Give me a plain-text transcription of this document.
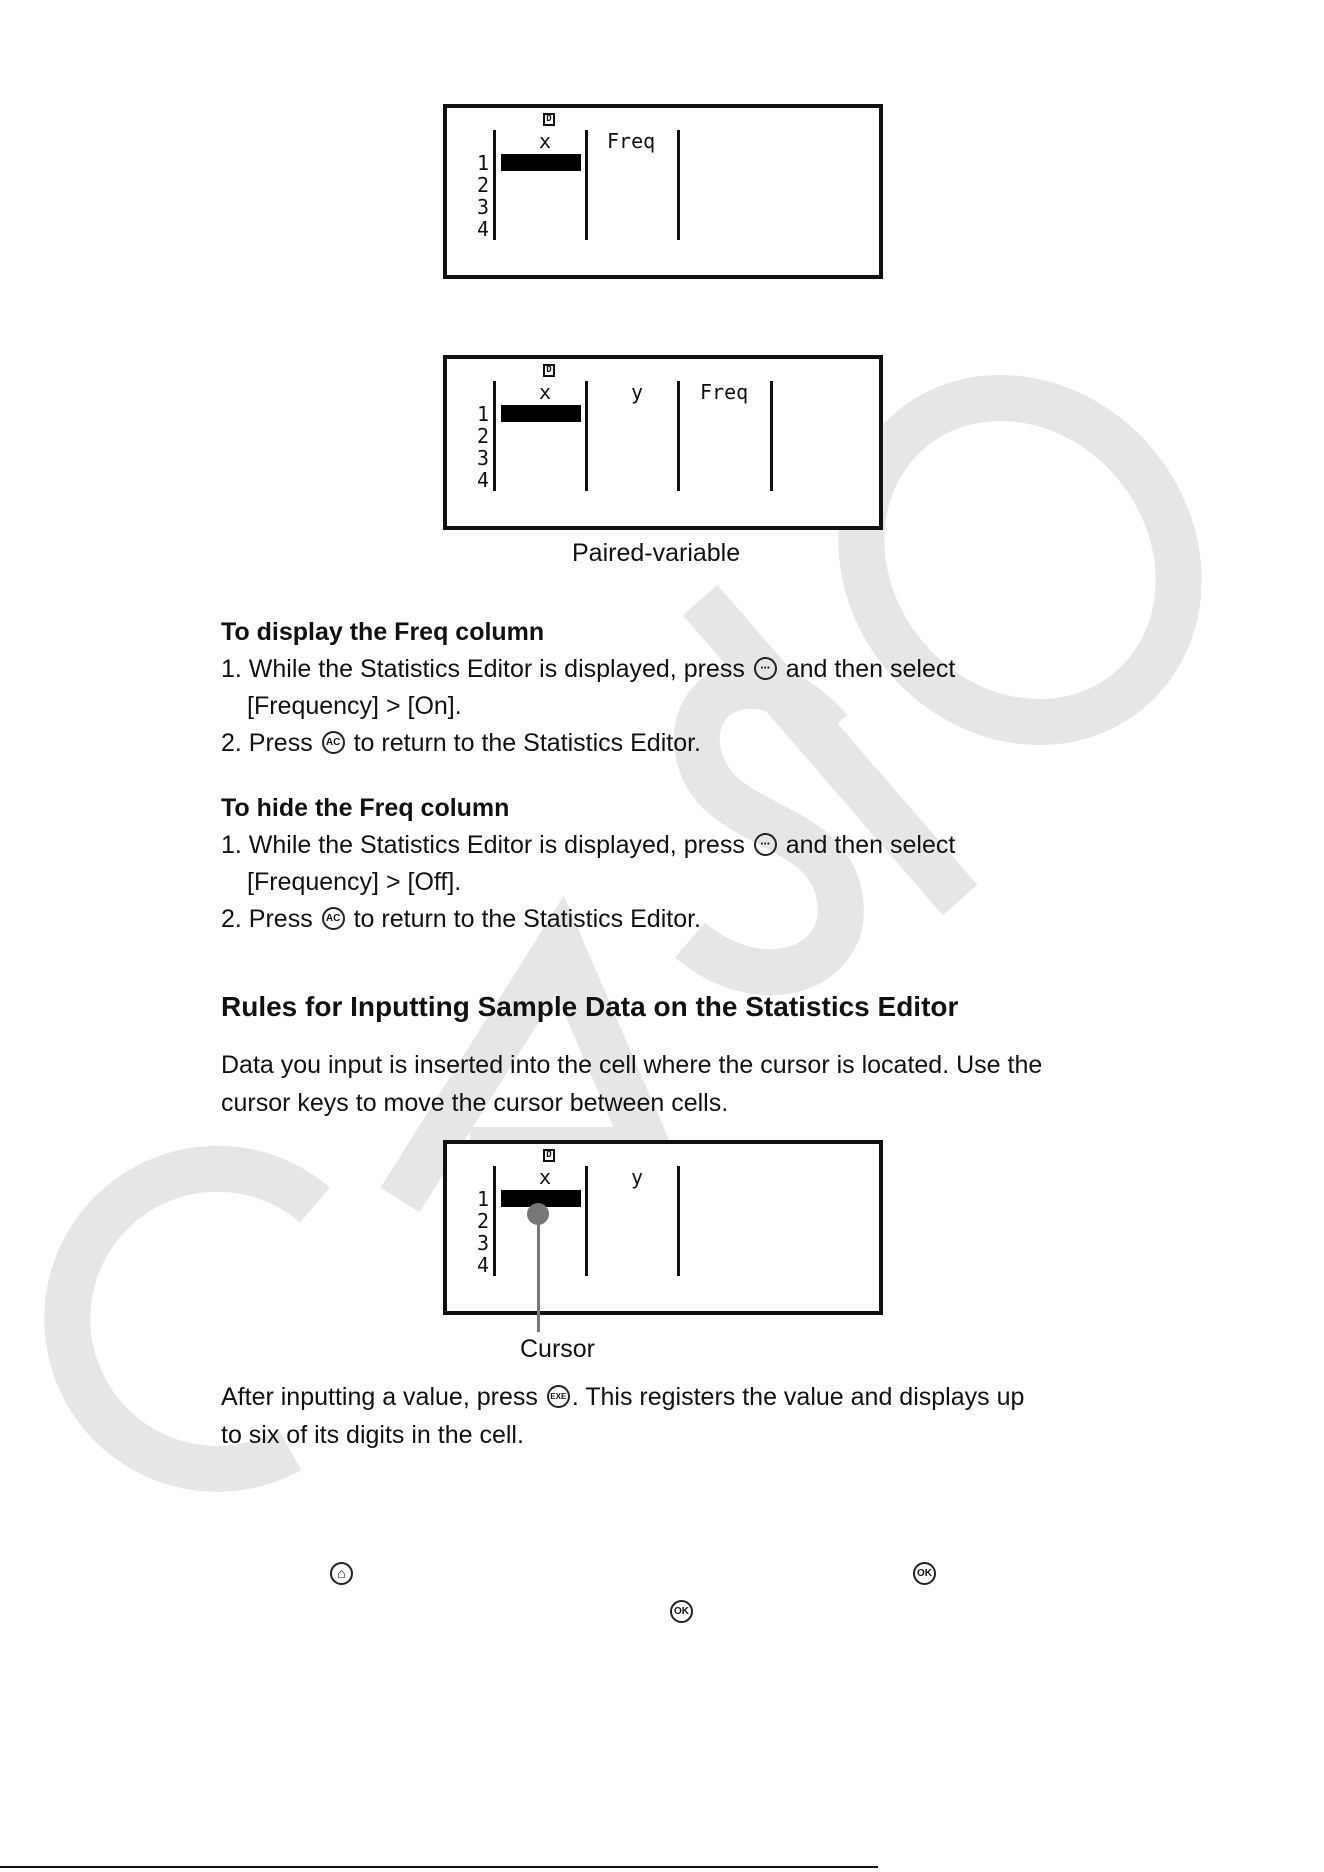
CASIO
D
x	Freq
1
2
3
4
D
x	y	Freq
1
2
3
4
Paired-variable
To display the Freq column
1. While the Statistics Editor is displayed, press ⋯ and then select
[Frequency] > [On].
2. Press AC to return to the Statistics Editor.
To hide the Freq column
1. While the Statistics Editor is displayed, press ⋯ and then select
[Frequency] > [Off].
2. Press AC to return to the Statistics Editor.
Rules for Inputting Sample Data on the Statistics Editor
Data you input is inserted into the cell where the cursor is located. Use the
cursor keys to move the cursor between cells.
D
x	y
1
2
3
4
Cursor
After inputting a value, press EXE . This registers the value and displays up
to six of its digits in the cell.
⌂	OK
OK
